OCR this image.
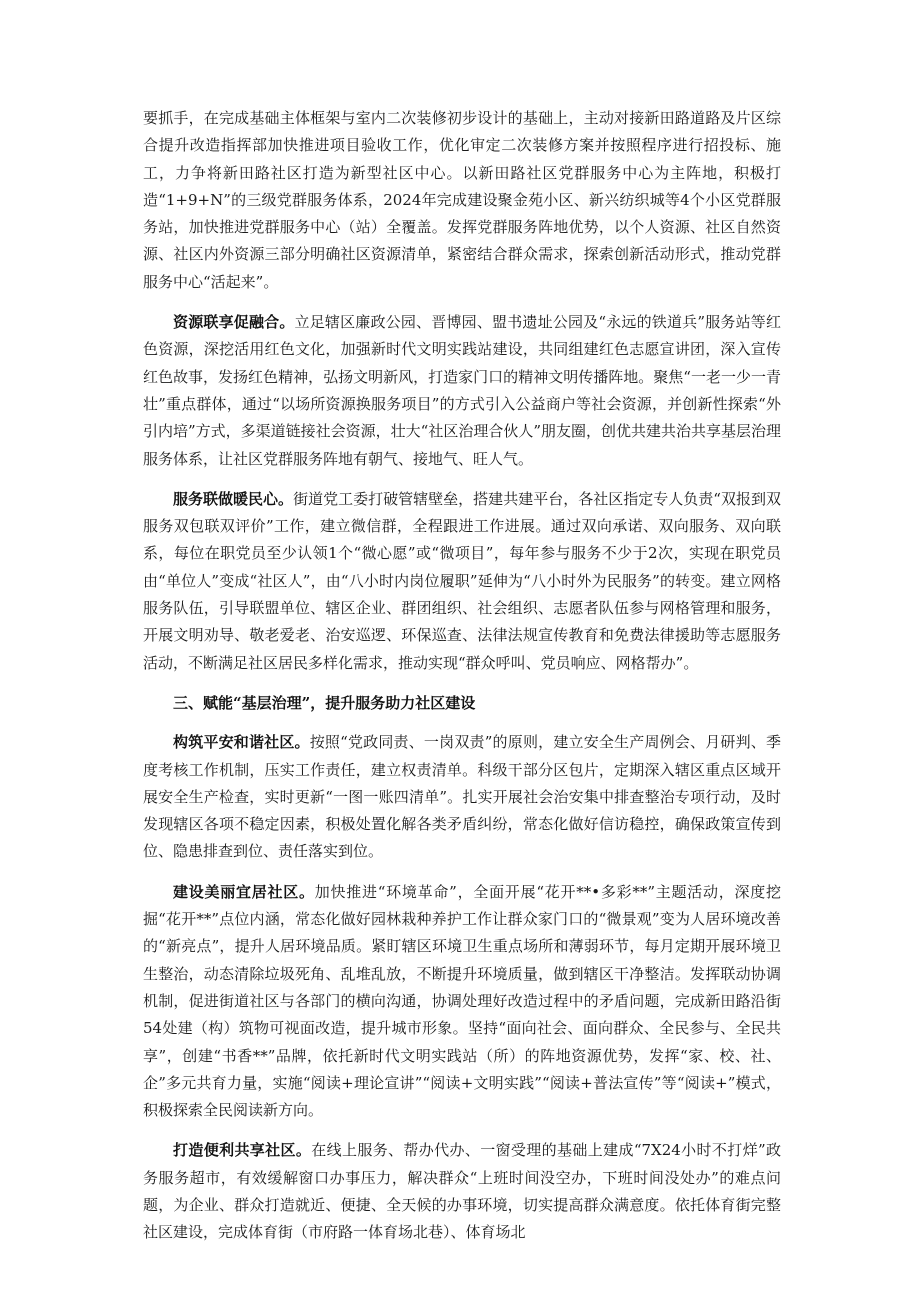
要抓手，在完成基础主体框架与室内二次装修初步设计的基础上，主动对接新田路道路及片区综合提升改造指挥部加快推进项目验收工作，优化审定二次装修方案并按照程序进行招投标、施工，力争将新田路社区打造为新型社区中心。以新田路社区党群服务中心为主阵地，积极打造“1+9+N”的三级党群服务体系，2024年完成建设聚金苑小区、新兴纺织城等4个小区党群服务站，加快推进党群服务中心（站）全覆盖。发挥党群服务阵地优势，以个人资源、社区自然资源、社区内外资源三部分明确社区资源清单，紧密结合群众需求，探索创新活动形式，推动党群服务中心“活起来”。

资源联享促融合。立足辖区廉政公园、晋博园、盟书遗址公园及“永远的铁道兵”服务站等红色资源，深挖活用红色文化，加强新时代文明实践站建设，共同组建红色志愿宣讲团，深入宣传红色故事，发扬红色精神，弘扬文明新风，打造家门口的精神文明传播阵地。聚焦“一老一少一青壮”重点群体，通过“以场所资源换服务项目”的方式引入公益商户等社会资源，并创新性探索“外引内培”方式，多渠道链接社会资源，壮大“社区治理合伙人”朋友圈，创优共建共治共享基层治理服务体系，让社区党群服务阵地有朝气、接地气、旺人气。

服务联做暖民心。街道党工委打破管辖壁垒，搭建共建平台，各社区指定专人负责“双报到双服务双包联双评价”工作，建立微信群，全程跟进工作进展。通过双向承诺、双向服务、双向联系，每位在职党员至少认领1个“微心愿”或“微项目”，每年参与服务不少于2次，实现在职党员由“单位人”变成“社区人”，由“八小时内岗位履职”延伸为“八小时外为民服务”的转变。建立网格服务队伍，引导联盟单位、辖区企业、群团组织、社会组织、志愿者队伍参与网格管理和服务，开展文明劝导、敬老爱老、治安巡逻、环保巡查、法律法规宣传教育和免费法律援助等志愿服务活动，不断满足社区居民多样化需求，推动实现“群众呼叫、党员响应、网格帮办”。

三、赋能“基层治理”，提升服务助力社区建设

构筑平安和谐社区。按照“党政同责、一岗双责”的原则，建立安全生产周例会、月研判、季度考核工作机制，压实工作责任，建立权责清单。科级干部分区包片，定期深入辖区重点区域开展安全生产检查，实时更新“一图一账四清单”。扎实开展社会治安集中排查整治专项行动，及时发现辖区各项不稳定因素，积极处置化解各类矛盾纠纷，常态化做好信访稳控，确保政策宣传到位、隐患排查到位、责任落实到位。

建设美丽宜居社区。加快推进“环境革命”，全面开展“花开**•多彩**”主题活动，深度挖掘“花开**”点位内涵，常态化做好园林栽种养护工作让群众家门口的“微景观”变为人居环境改善的“新亮点”，提升人居环境品质。紧盯辖区环境卫生重点场所和薄弱环节，每月定期开展环境卫生整治，动态清除垃圾死角、乱堆乱放，不断提升环境质量，做到辖区干净整洁。发挥联动协调机制，促进街道社区与各部门的横向沟通，协调处理好改造过程中的矛盾问题，完成新田路沿街54处建（构）筑物可视面改造，提升城市形象。坚持“面向社会、面向群众、全民参与、全民共享”，创建“书香**”品牌，依托新时代文明实践站（所）的阵地资源优势，发挥“家、校、社、企”多元共育力量，实施“阅读+理论宣讲”“阅读+文明实践”“阅读+普法宣传”等“阅读+”模式，积极探索全民阅读新方向。

打造便利共享社区。在线上服务、帮办代办、一窗受理的基础上建成“7X24小时不打烊”政务服务超市，有效缓解窗口办事压力，解决群众“上班时间没空办，下班时间没处办”的难点问题，为企业、群众打造就近、便捷、全天候的办事环境，切实提高群众满意度。依托体育街完整社区建设，完成体育街（市府路一体育场北巷）、体育场北
